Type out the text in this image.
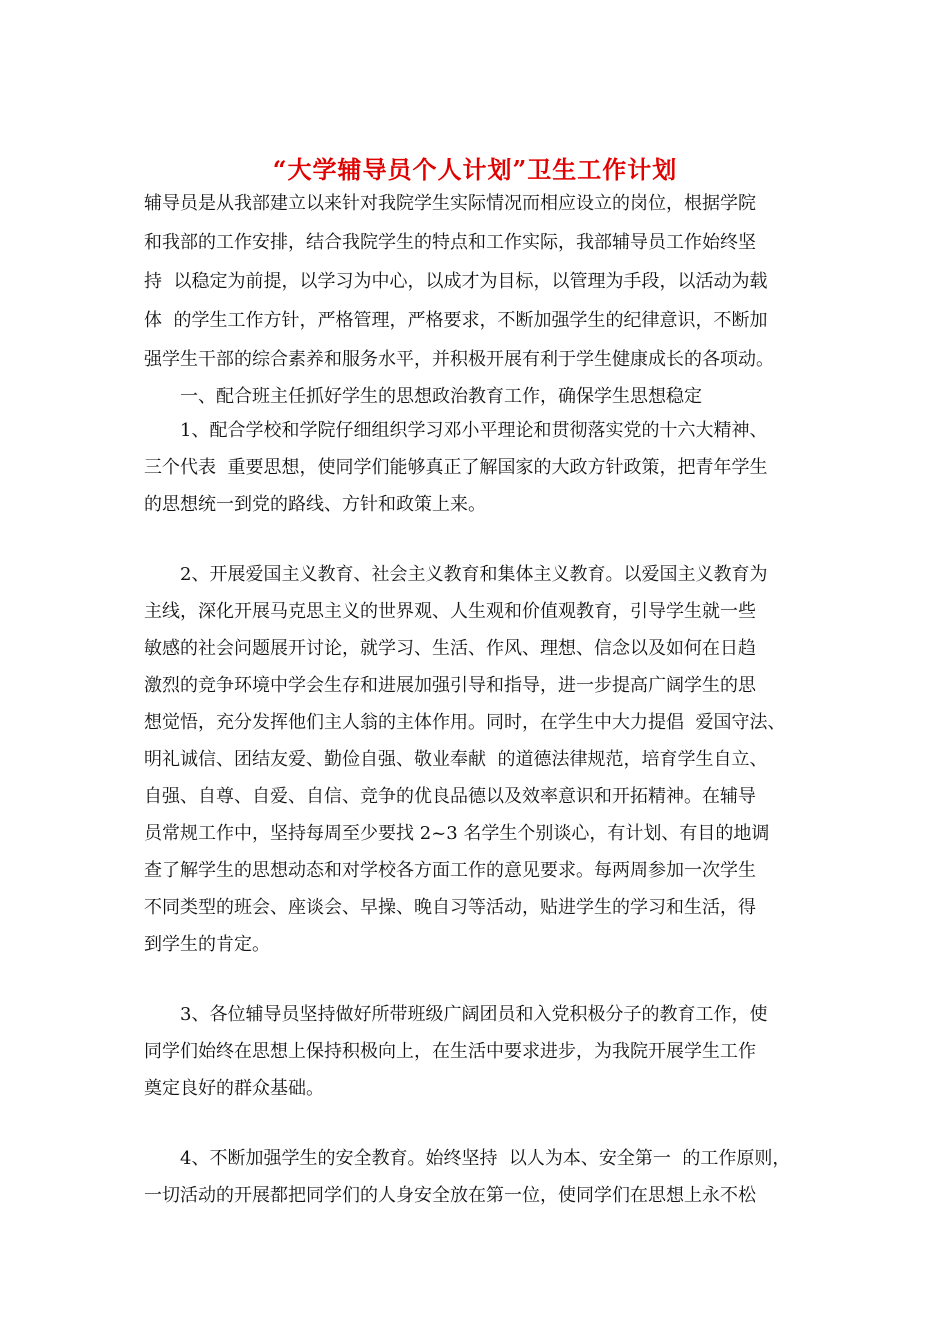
“大学辅导员个人计划”卫生工作计划
辅导员是从我部建立以来针对我院学生实际情况而相应设立的岗位，根据学院
和我部的工作安排，结合我院学生的特点和工作实际，我部辅导员工作始终坚
持  以稳定为前提，以学习为中心，以成才为目标，以管理为手段，以活动为载
体  的学生工作方针，严格管理，严格要求，不断加强学生的纪律意识，不断加
强学生干部的综合素养和服务水平，并积极开展有利于学生健康成长的各项动。
一、配合班主任抓好学生的思想政治教育工作，确保学生思想稳定
1、配合学校和学院仔细组织学习邓小平理论和贯彻落实党的十六大精神、
三个代表  重要思想，使同学们能够真正了解国家的大政方针政策，把青年学生
的思想统一到党的路线、方针和政策上来。
2、开展爱国主义教育、社会主义教育和集体主义教育。以爱国主义教育为
主线，深化开展马克思主义的世界观、人生观和价值观教育，引导学生就一些
敏感的社会问题展开讨论，就学习、生活、作风、理想、信念以及如何在日趋
激烈的竞争环境中学会生存和进展加强引导和指导，进一步提高广阔学生的思
想觉悟，充分发挥他们主人翁的主体作用。同时，在学生中大力提倡  爱国守法、
明礼诚信、团结友爱、勤俭自强、敬业奉献  的道德法律规范，培育学生自立、
自强、自尊、自爱、自信、竞争的优良品德以及效率意识和开拓精神。在辅导
员常规工作中，坚持每周至少要找 2~3 名学生个别谈心，有计划、有目的地调
查了解学生的思想动态和对学校各方面工作的意见要求。每两周参加一次学生
不同类型的班会、座谈会、早操、晚自习等活动，贴进学生的学习和生活，得
到学生的肯定。
3、各位辅导员坚持做好所带班级广阔团员和入党积极分子的教育工作，使
同学们始终在思想上保持积极向上，在生活中要求进步，为我院开展学生工作
奠定良好的群众基础。
4、不断加强学生的安全教育。始终坚持  以人为本、安全第一  的工作原则，
一切活动的开展都把同学们的人身安全放在第一位，使同学们在思想上永不松
